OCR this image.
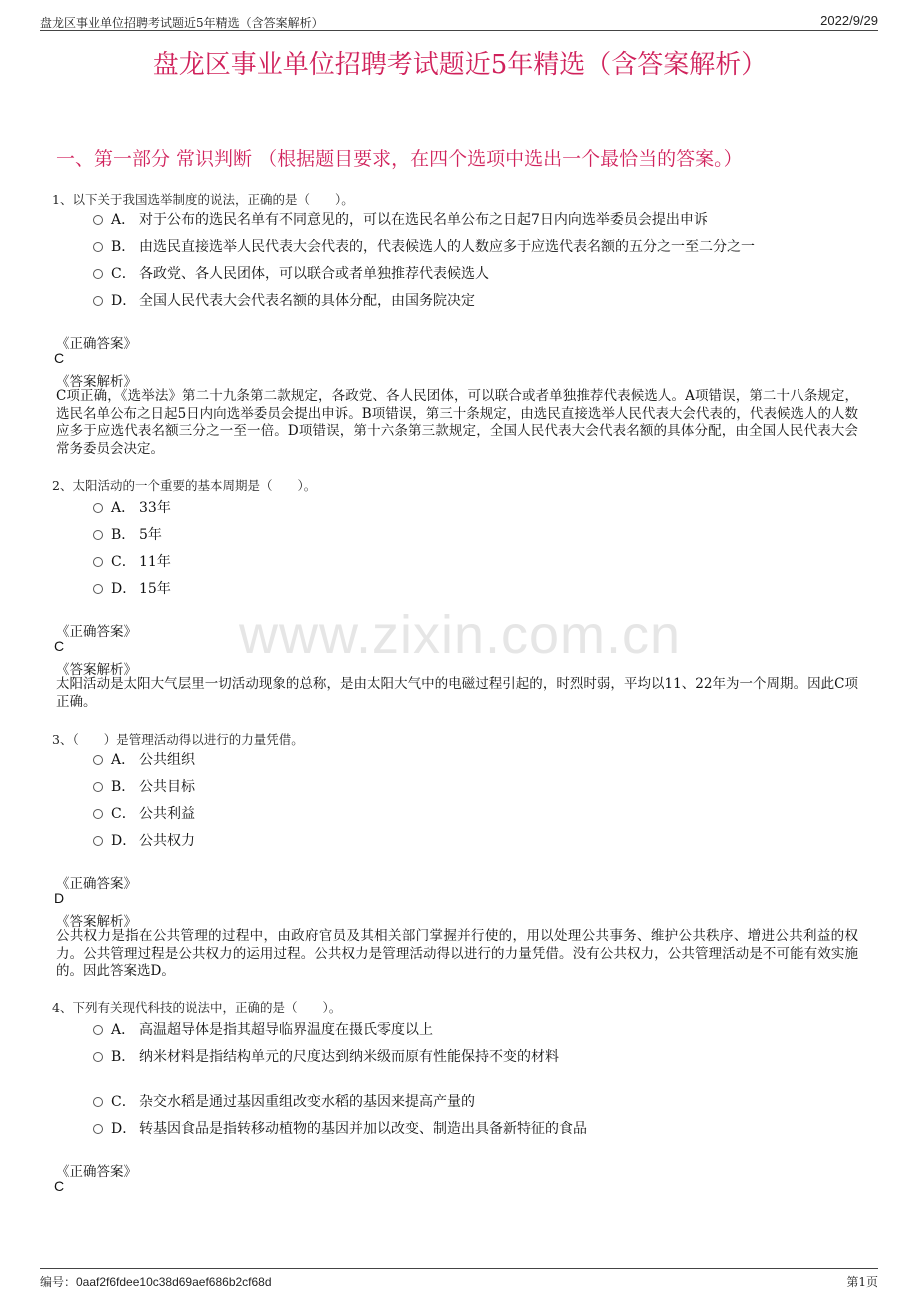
盘龙区事业单位招聘考试题近5年精选（含答案解析）	2022/9/29
盘龙区事业单位招聘考试题近5年精选（含答案解析）
一、第一部分 常识判断 （根据题目要求，在四个选项中选出一个最恰当的答案。）
www.zixin.com.cn
1、以下关于我国选举制度的说法，正确的是（　　）。
A． 对于公布的选民名单有不同意见的，可以在选民名单公布之日起7日内向选举委员会提出申诉
B． 由选民直接选举人民代表大会代表的，代表候选人的人数应多于应选代表名额的五分之一至二分之一
C． 各政党、各人民团体，可以联合或者单独推荐代表候选人
D． 全国人民代表大会代表名额的具体分配，由国务院决定
《正确答案》
C
《答案解析》
C项正确，《选举法》第二十九条第二款规定，各政党、各人民团体，可以联合或者单独推荐代表候选人。A项错误，第二十八条规定，选民名单公布之日起5日内向选举委员会提出申诉。B项错误，第三十条规定，由选民直接选举人民代表大会代表的，代表候选人的人数应多于应选代表名额三分之一至一倍。D项错误，第十六条第三款规定，全国人民代表大会代表名额的具体分配，由全国人民代表大会常务委员会决定。
2、太阳活动的一个重要的基本周期是（　　）。
A． 33年
B． 5年
C． 11年
D． 15年
《正确答案》
C
《答案解析》
太阳活动是太阳大气层里一切活动现象的总称，是由太阳大气中的电磁过程引起的，时烈时弱，平均以11、22年为一个周期。因此C项正确。
3、（　　）是管理活动得以进行的力量凭借。
A． 公共组织
B． 公共目标
C． 公共利益
D． 公共权力
《正确答案》
D
《答案解析》
公共权力是指在公共管理的过程中，由政府官员及其相关部门掌握并行使的，用以处理公共事务、维护公共秩序、增进公共利益的权力。公共管理过程是公共权力的运用过程。公共权力是管理活动得以进行的力量凭借。没有公共权力，公共管理活动是不可能有效实施的。因此答案选D。
4、下列有关现代科技的说法中，正确的是（　　）。
A． 高温超导体是指其超导临界温度在摄氏零度以上
B． 纳米材料是指结构单元的尺度达到纳米级而原有性能保持不变的材料
C． 杂交水稻是通过基因重组改变水稻的基因来提高产量的
D． 转基因食品是指转移动植物的基因并加以改变、制造出具备新特征的食品
《正确答案》
C
编号：0aaf2f6fdee10c38d69aef686b2cf68d	第1页
